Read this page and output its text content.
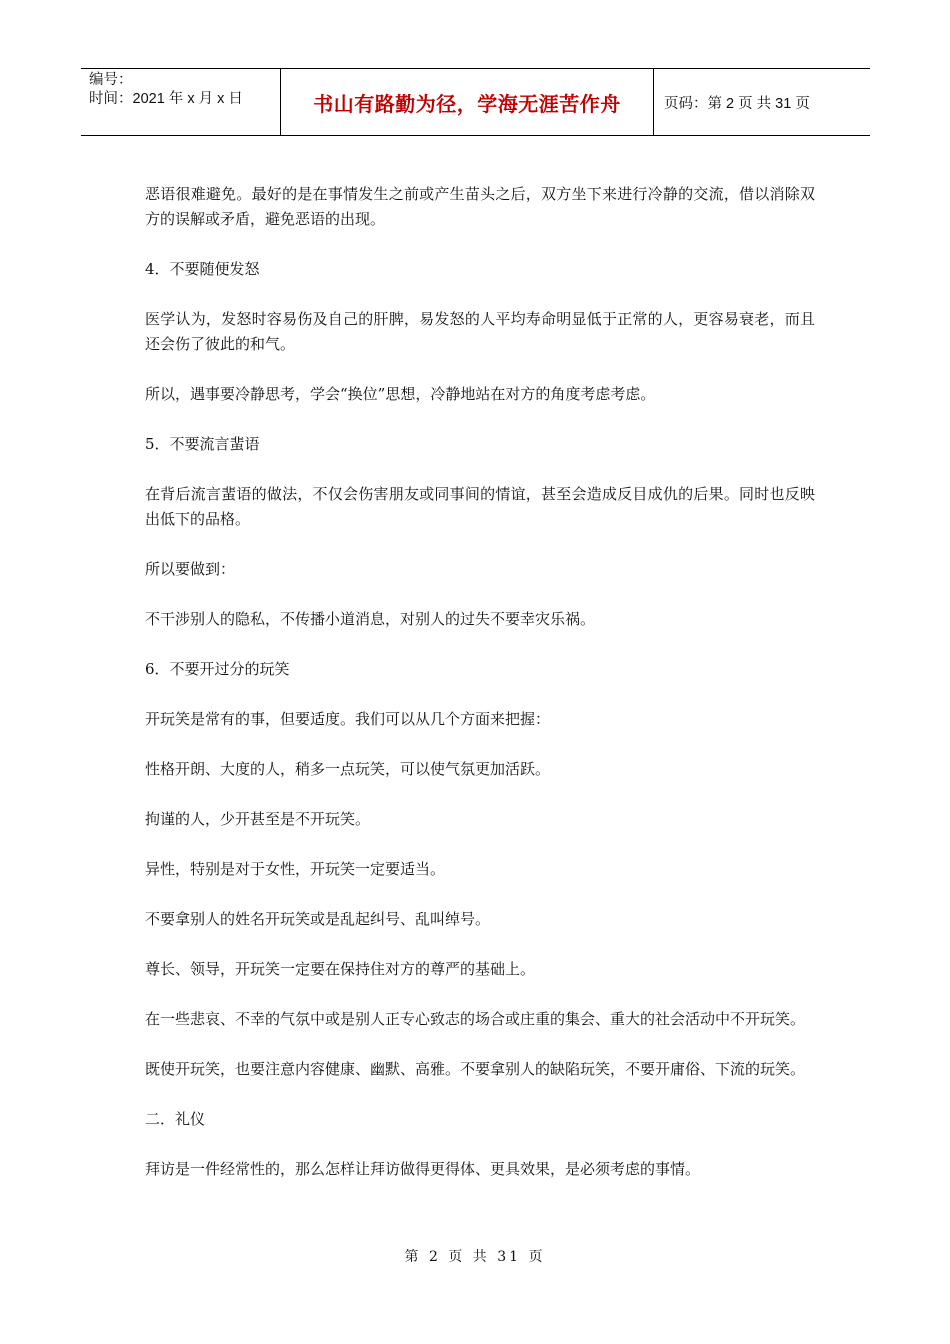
编号：
时间：2021 年 x 月 x 日	书山有路勤为径，学海无涯苦作舟	页码：第 2 页 共 31 页

恶语很难避免。最好的是在事情发生之前或产生苗头之后，双方坐下来进行冷静的交流，借以消除双方的误解或矛盾，避免恶语的出现。

4．不要随便发怒

医学认为，发怒时容易伤及自己的肝脾，易发怒的人平均寿命明显低于正常的人，更容易衰老，而且还会伤了彼此的和气。

所以，遇事要冷静思考，学会“换位”思想，冷静地站在对方的角度考虑考虑。

5．不要流言蜚语

在背后流言蜚语的做法，不仅会伤害朋友或同事间的情谊，甚至会造成反目成仇的后果。同时也反映出低下的品格。

所以要做到：

不干涉别人的隐私，不传播小道消息，对别人的过失不要幸灾乐祸。

6．不要开过分的玩笑

开玩笑是常有的事，但要适度。我们可以从几个方面来把握：

性格开朗、大度的人，稍多一点玩笑，可以使气氛更加活跃。

拘谨的人，少开甚至是不开玩笑。

异性，特别是对于女性，开玩笑一定要适当。

不要拿别人的姓名开玩笑或是乱起纠号、乱叫绰号。

尊长、领导，开玩笑一定要在保持住对方的尊严的基础上。

在一些悲哀、不幸的气氛中或是别人正专心致志的场合或庄重的集会、重大的社会活动中不开玩笑。

既使开玩笑，也要注意内容健康、幽默、高雅。不要拿别人的缺陷玩笑，不要开庸俗、下流的玩笑。

二．礼仪

拜访是一件经常性的，那么怎样让拜访做得更得体、更具效果，是必须考虑的事情。

第 2 页 共 31 页
